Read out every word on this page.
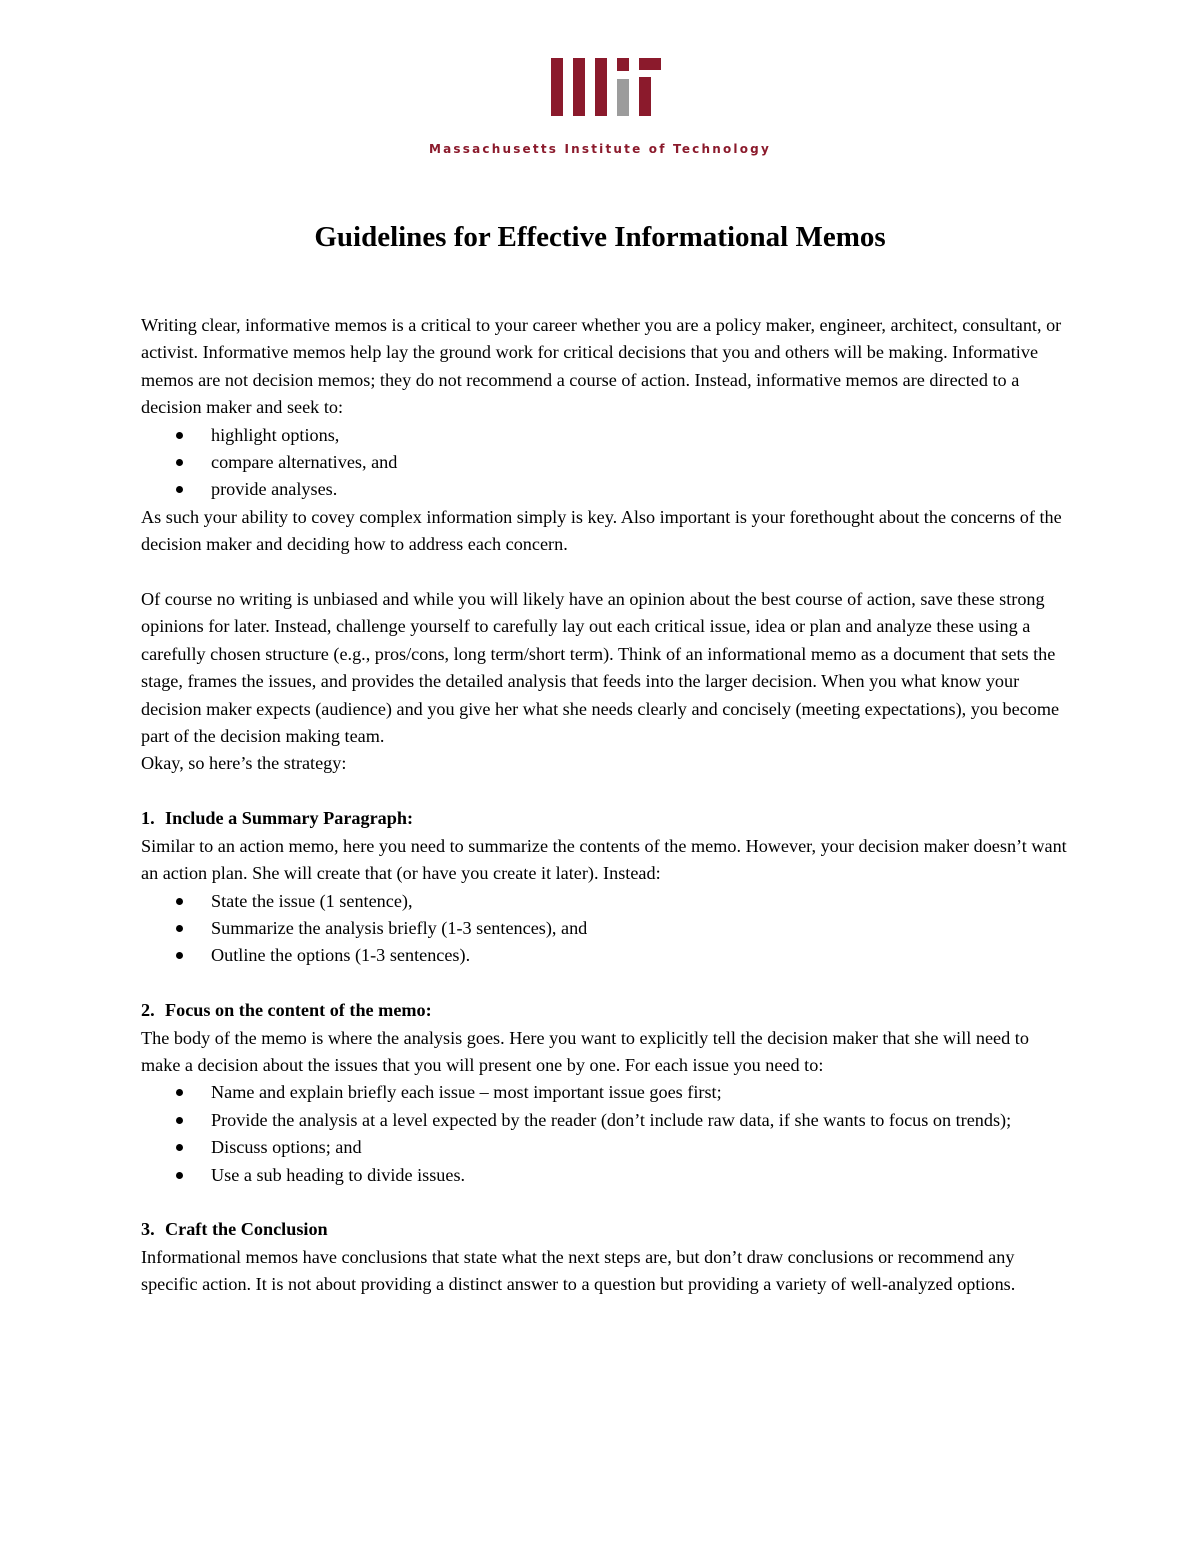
Massachusetts Institute of Technology
Guidelines for Effective Informational Memos

Writing clear, informative memos is a critical to your career whether you are a policy maker, engineer, architect, consultant, or activist. Informative memos help lay the ground work for critical decisions that you and others will be making. Informative memos are not decision memos; they do not recommend a course of action. Instead, informative memos are directed to a decision maker and seek to:

highlight options,
compare alternatives, and
provide analyses.

As such your ability to covey complex information simply is key. Also important is your forethought about the concerns of the decision maker and deciding how to address each concern.

Of course no writing is unbiased and while you will likely have an opinion about the best course of action, save these strong opinions for later. Instead, challenge yourself to carefully lay out each critical issue, idea or plan and analyze these using a carefully chosen structure (e.g., pros/cons, long term/short term). Think of an informational memo as a document that sets the stage, frames the issues, and provides the detailed analysis that feeds into the larger decision. When you what know your decision maker expects (audience) and you give her what she needs clearly and concisely (meeting expectations), you become part of the decision making team.

Okay, so here’s the strategy:

1. Include a Summary Paragraph:

Similar to an action memo, here you need to summarize the contents of the memo. However, your decision maker doesn’t want an action plan. She will create that (or have you create it later). Instead:

State the issue (1 sentence),
Summarize the analysis briefly (1-3 sentences), and
Outline the options (1-3 sentences).

2. Focus on the content of the memo:

The body of the memo is where the analysis goes. Here you want to explicitly tell the decision maker that she will need to make a decision about the issues that you will present one by one. For each issue you need to:

Name and explain briefly each issue – most important issue goes first;
Provide the analysis at a level expected by the reader (don’t include raw data, if she wants to focus on trends);
Discuss options; and
Use a sub heading to divide issues.

3. Craft the Conclusion

Informational memos have conclusions that state what the next steps are, but don’t draw conclusions or recommend any specific action. It is not about providing a distinct answer to a question but providing a variety of well-analyzed options.
